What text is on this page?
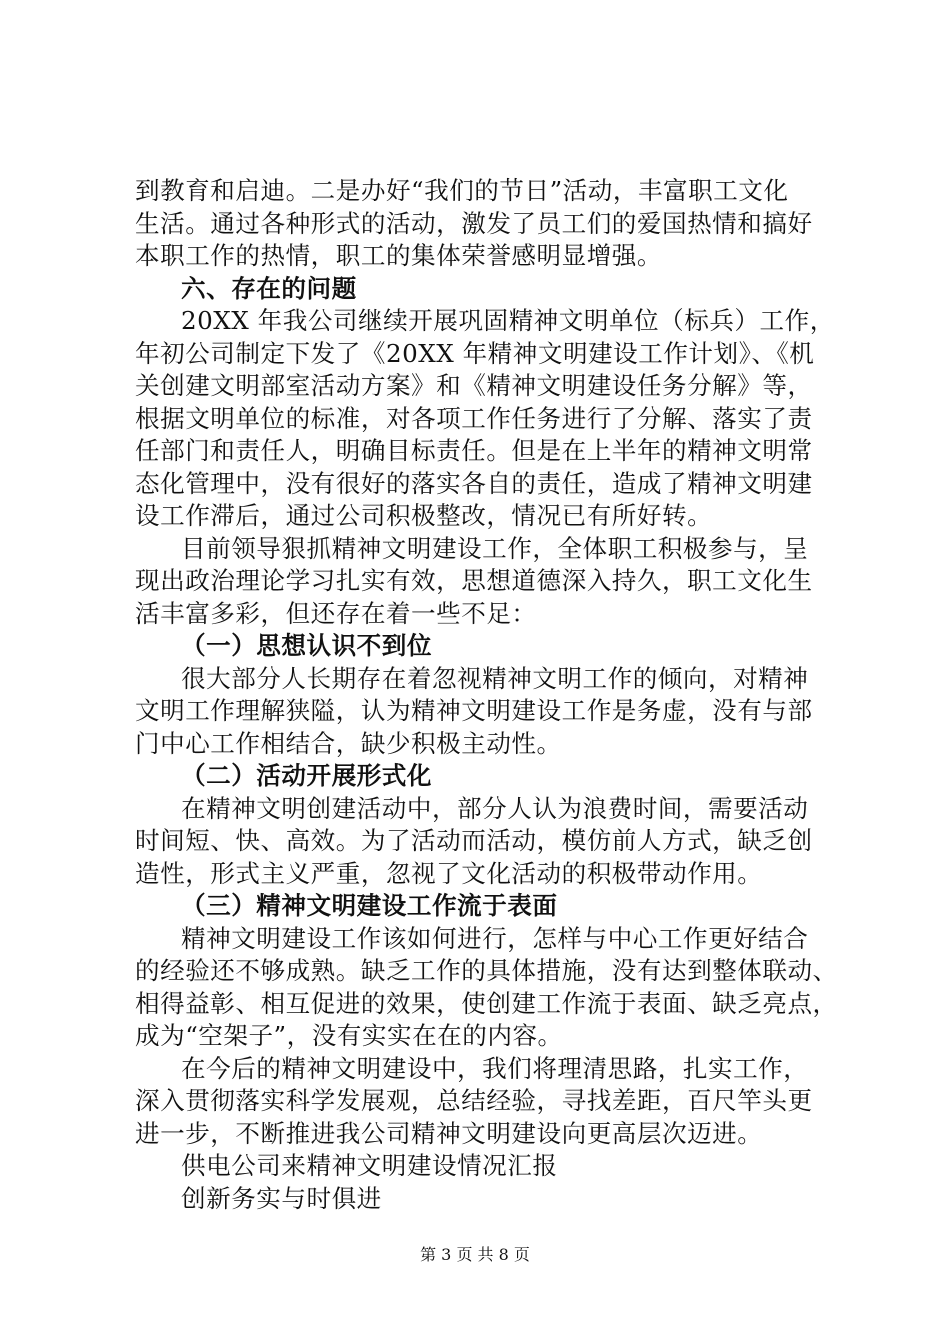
到教育和启迪。二是办好“我们的节日”活动，丰富职工文化
生活。通过各种形式的活动，激发了员工们的爱国热情和搞好
本职工作的热情，职工的集体荣誉感明显增强。
六、存在的问题
20XX 年我公司继续开展巩固精神文明单位（标兵）工作，
年初公司制定下发了《20XX 年精神文明建设工作计划》、《机
关创建文明部室活动方案》和《精神文明建设任务分解》等，
根据文明单位的标准，对各项工作任务进行了分解、落实了责
任部门和责任人，明确目标责任。但是在上半年的精神文明常
态化管理中，没有很好的落实各自的责任，造成了精神文明建
设工作滞后，通过公司积极整改，情况已有所好转。
目前领导狠抓精神文明建设工作，全体职工积极参与，呈
现出政治理论学习扎实有效，思想道德深入持久，职工文化生
活丰富多彩，但还存在着一些不足：
（一）思想认识不到位
很大部分人长期存在着忽视精神文明工作的倾向，对精神
文明工作理解狭隘，认为精神文明建设工作是务虚，没有与部
门中心工作相结合，缺少积极主动性。
（二）活动开展形式化
在精神文明创建活动中，部分人认为浪费时间，需要活动
时间短、快、高效。为了活动而活动，模仿前人方式，缺乏创
造性，形式主义严重，忽视了文化活动的积极带动作用。
（三）精神文明建设工作流于表面
精神文明建设工作该如何进行，怎样与中心工作更好结合
的经验还不够成熟。缺乏工作的具体措施，没有达到整体联动、
相得益彰、相互促进的效果，使创建工作流于表面、缺乏亮点，
成为“空架子”，没有实实在在的内容。
在今后的精神文明建设中，我们将理清思路，扎实工作，
深入贯彻落实科学发展观，总结经验，寻找差距，百尺竿头更
进一步，不断推进我公司精神文明建设向更高层次迈进。
供电公司来精神文明建设情况汇报
创新务实与时俱进
第 3 页 共 8 页
